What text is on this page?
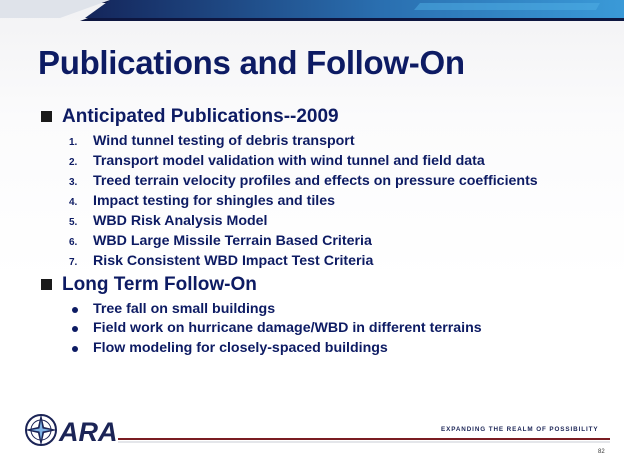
Publications and Follow-On
Anticipated Publications--2009
1. Wind tunnel testing of debris transport
2. Transport model validation with wind tunnel and field data
3. Treed terrain velocity profiles and effects on pressure coefficients
4. Impact testing for shingles and tiles
5. WBD Risk Analysis Model
6. WBD Large Missile Terrain Based Criteria
7. Risk Consistent WBD Impact Test Criteria
Long Term Follow-On
Tree fall on small buildings
Field work on hurricane damage/WBD in different terrains
Flow modeling for closely-spaced buildings
ARA	EXPANDING THE REALM OF POSSIBILITY
82
